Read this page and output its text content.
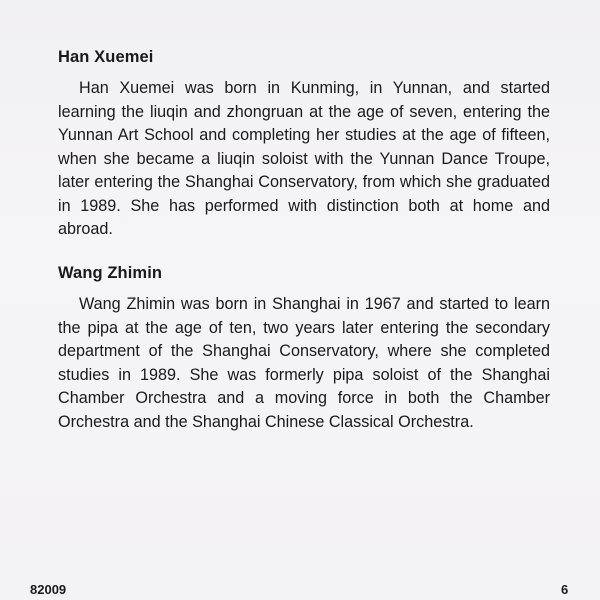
Han Xuemei

Han Xuemei was born in Kunming, in Yunnan, and started learning the liuqin and zhongruan at the age of seven, entering the Yunnan Art School and completing her studies at the age of fifteen, when she became a liuqin soloist with the Yunnan Dance Troupe, later entering the Shanghai Conservatory, from which she graduated in 1989. She has performed with distinction both at home and abroad.

Wang Zhimin

Wang Zhimin was born in Shanghai in 1967 and started to learn the pipa at the age of ten, two years later entering the secondary department of the Shanghai Conservatory, where she completed studies in 1989. She was formerly pipa soloist of the Shanghai Chamber Orchestra and a moving force in both the Chamber Orchestra and the Shanghai Chinese Classical Orchestra.

82009	6
